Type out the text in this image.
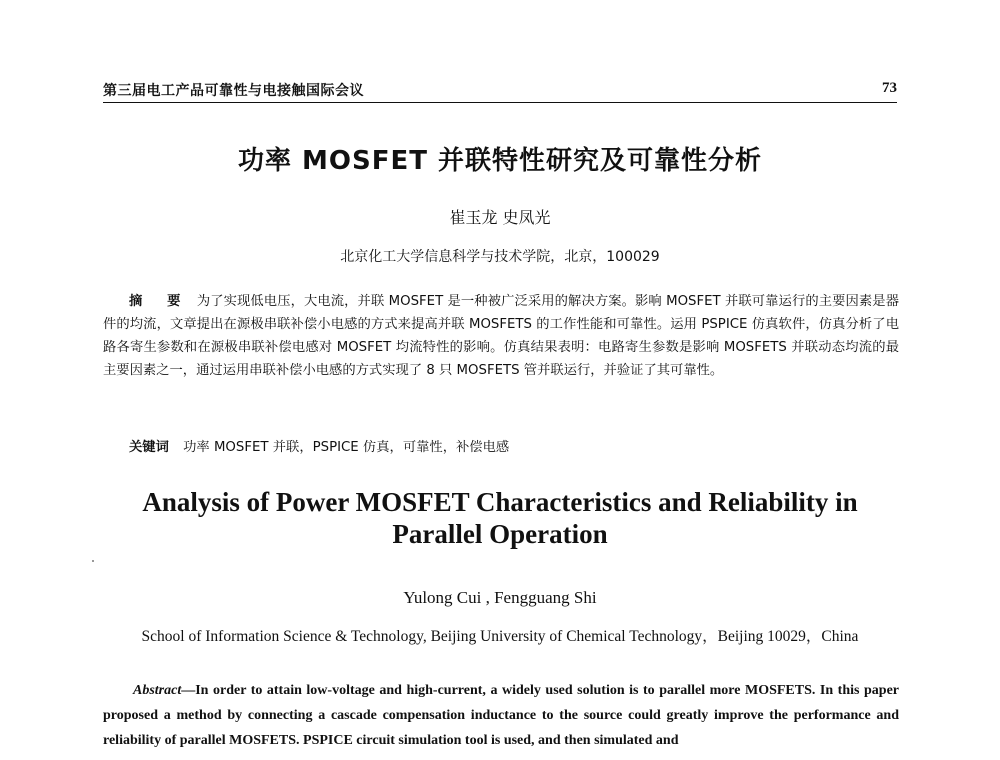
第三届电工产品可靠性与电接触国际会议	73
功率 MOSFET 并联特性研究及可靠性分析
崔玉龙 史凤光
北京化工大学信息科学与技术学院，北京，100029
摘 要 为了实现低电压，大电流，并联 MOSFET 是一种被广泛采用的解决方案。影响 MOSFET 并联可靠运行的主要因素是器件的均流，文章提出在源极串联补偿小电感的方式来提高并联 MOSFETS 的工作性能和可靠性。运用 PSPICE 仿真软件，仿真分析了电路各寄生参数和在源极串联补偿电感对 MOSFET 均流特性的影响。仿真结果表明：电路寄生参数是影响 MOSFETS 并联动态均流的最主要因素之一，通过运用串联补偿小电感的方式实现了 8 只 MOSFETS 管并联运行，并验证了其可靠性。
关键词 功率 MOSFET 并联，PSPICE 仿真，可靠性，补偿电感
Analysis of Power MOSFET Characteristics and Reliability in Parallel Operation
Yulong Cui , Fengguang Shi
School of Information Science & Technology, Beijing University of Chemical Technology，Beijing 10029，China
Abstract—In order to attain low-voltage and high-current, a widely used solution is to parallel more MOSFETS. In this paper proposed a method by connecting a cascade compensation inductance to the source could greatly improve the performance and reliability of parallel MOSFETS. PSPICE circuit simulation tool is used, and then simulated and
